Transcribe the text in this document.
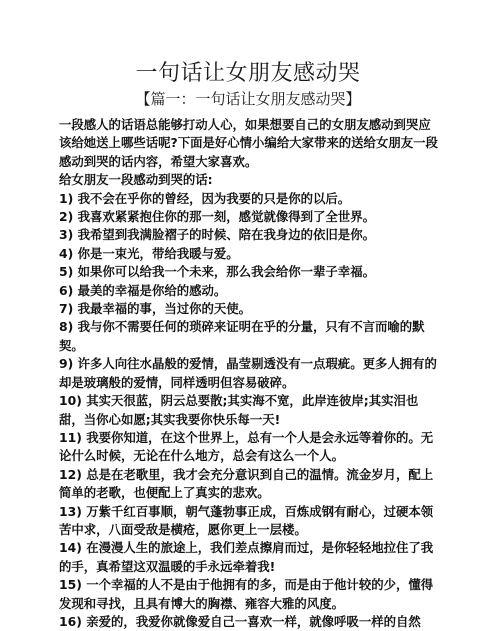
一句话让女朋友感动哭
【篇一：一句话让女朋友感动哭】

一段感人的话语总能够打动人心，如果想要自己的女朋友感动到哭应该给她送上哪些话呢?下面是好心情小编给大家带来的送给女朋友一段感动到哭的话内容，希望大家喜欢。

给女朋友一段感动到哭的话:

1) 我不会在乎你的曾经，因为我要的只是你的以后。

2) 我喜欢紧紧抱住你的那一刻，感觉就像得到了全世界。

3) 我希望到我满脸褶子的时候、陪在我身边的依旧是你。

4) 你是一束光，带给我暖与爱。

5) 如果你可以给我一个未来，那么我会给你一辈子幸福。

6) 最美的幸福是你给的感动。

7) 我最幸福的事，当过你的天使。

8) 我与你不需要任何的琐碎来证明在乎的分量，只有不言而喻的默契。

9) 许多人向往水晶般的爱情，晶莹剔透没有一点瑕疵。更多人拥有的却是玻璃般的爱情，同样透明但容易破碎。

10) 其实天很蓝，阴云总要散;其实海不宽，此岸连彼岸;其实泪也甜，当你心如愿;其实我要你快乐每一天!

11) 我要你知道，在这个世界上，总有一个人是会永远等着你的。无论什么时候，无论在什么地方，总会有这么一个人。

12) 总是在老歌里，我才会充分意识到自己的温情。流金岁月，配上简单的老歌，也便配上了真实的悲欢。

13) 万紫千红百事顺，朝气蓬勃事正成，百炼成钢有耐心，过硬本领苦中求，八面受敌是横疮，愿你更上一层楼。

14) 在漫漫人生的旅途上，我们差点擦肩而过，是你轻轻地拉住了我的手，真希望这双温暖的手永远牵着我!

15) 一个幸福的人不是由于他拥有的多，而是由于他计较的少，懂得发现和寻找，且具有博大的胸襟、雍容大雅的风度。

16) 亲爱的，我爱你就像爱自己一喜欢一样，就像呼吸一样的自然
